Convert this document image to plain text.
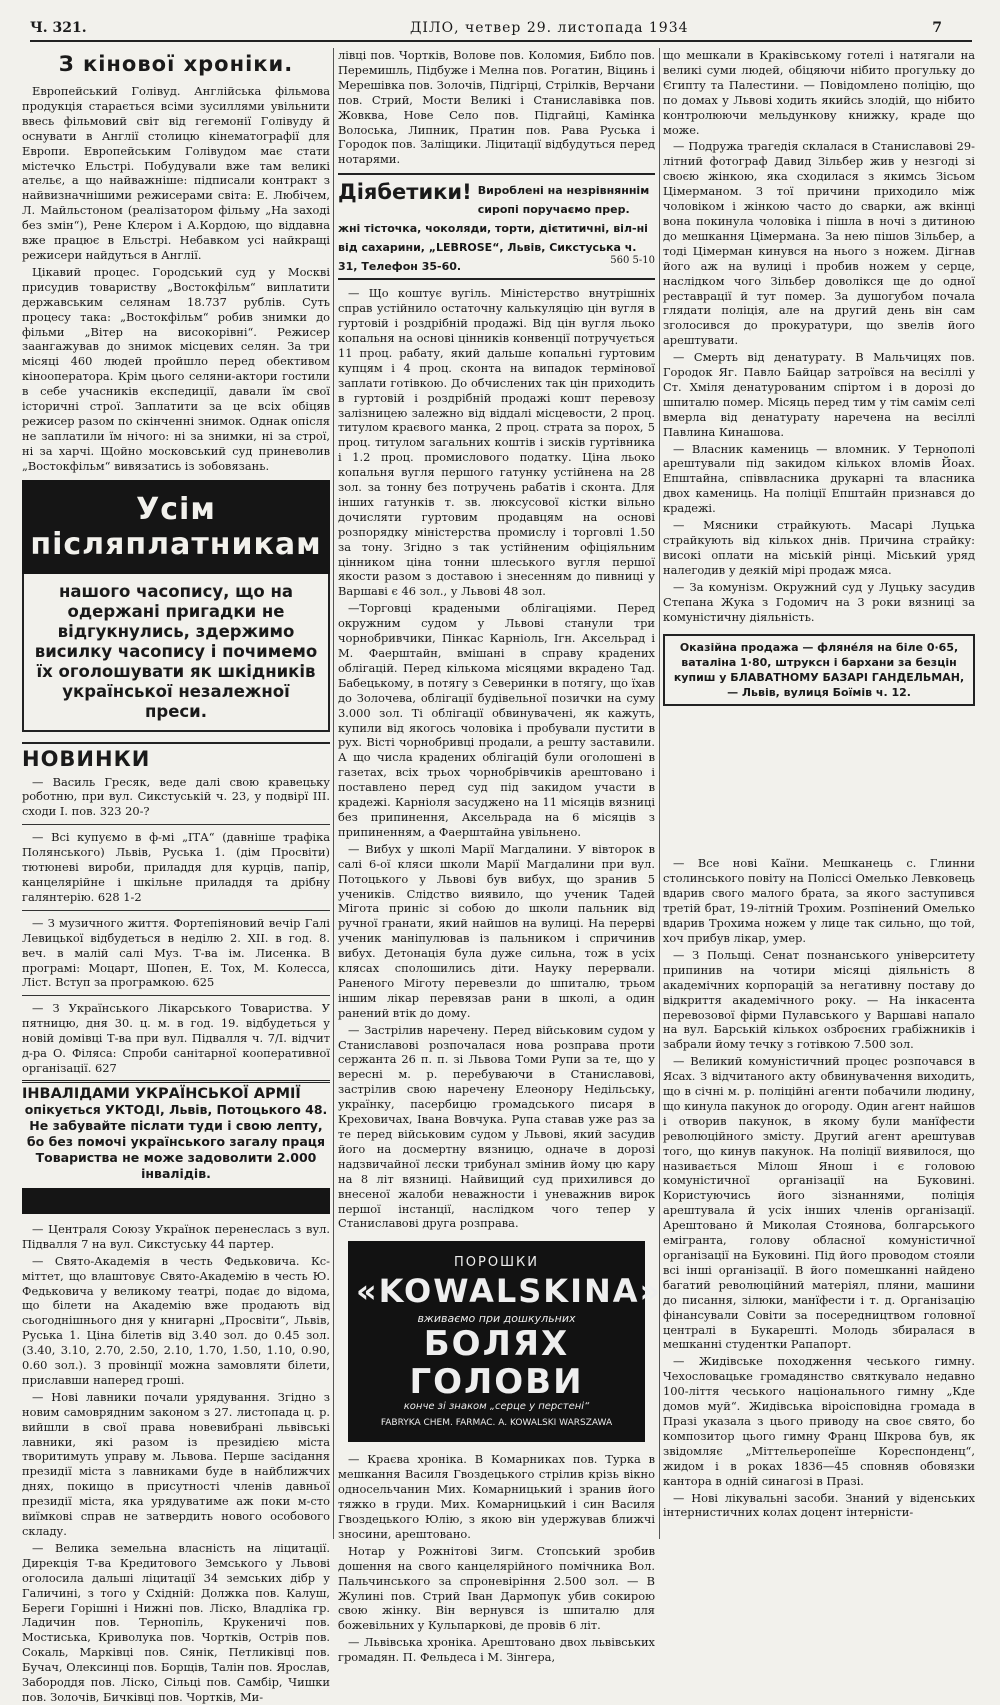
Ч. 321.	ДІЛО, четвер 29. листопада 1934	7
З кінової хроніки.

Европейський Голівуд. Англійська фільмова продукція старається всіми зусиллями увільнити ввесь фільмовий світ від гегемонії Голівуду й оснувати в Англії столицю кінематографії для Европи. Европейським Голівудом має стати містечко Ельстрі. Побудували вже там великі ательє, а що найважніше: підписали контракт з найвизначнішими режисерами світа: Е. Любічем, Л. Майльстоном (реалізатором фільму „На заході без змін“), Рене Клєром і А.Кордою, що віддавна вже працює в Ельстрі. Небавком усі найкращі режисери найдуться в Англії.

Цікавий процес. Городський суд у Москві присудив товариству „Востокфільм“ виплатити державським селянам 18.737 рублів. Суть процесу така: „Востокфільм“ робив знимки до фільми „Вітер на високорівні“. Режисер заангажував до знимок місцевих селян. За три місяці 460 людей пройшло перед обективом кінооператора. Крім цього селяни-актори гостили в себе учасників експедиції, давали їм свої історичні строї. Заплатити за це всіх обіцяв режисер разом по скінченні знимок. Однак опісля не заплатили їм нічого: ні за знимки, ні за строї, ні за харчі. Щойно московський суд приневолив „Востокфільм“ вивязатись із зобовязань.

Усім післяплатникам
нашого часопису, що на одержані пригадки не відгукнулись, здержимо висилку часопису і почимемо їх оголошувати як шкідників української незалежної преси.
НОВИНКИ

— Василь Гресяк, веде далі свою кравецьку роботню, при вул. Сикстуській ч. 23, у подвірї ІІІ. сходи І. пов. 323 20-?

— Всі купуємо в ф-мі „ІТА“ (давніше трафіка Полянського) Львів, Руська 1. (дім Просвіти) тютюневі вироби, приладдя для курців, папір, канцелярійне і шкільне приладдя та дрібну галянтерію. 628 1-2

— З музичного життя. Фортепіяновий вечір Галі Левицької відбудеться в неділю 2. ХІІ. в год. 8. веч. в малій салі Муз. Т-ва ім. Лисенка. В програмі: Моцарт, Шопен, Е. Тох, М. Колесса, Ліст. Вступ за програмкою. 625

— З Українського Лікарського Товариства. У пятницю, дня 30. ц. м. в год. 19. відбудеться у новій домівці Т-ва при вул. Підвалля ч. 7/І. відчит д-ра О. Філяса: Спроби санітарної кооперативної організації. 627

ІНВАЛІДАМИ УКРАЇНСЬКОЇ АРМІЇ
опікується УКТОДІ, Львів, Потоцького 48. Не забувайте післати туди і свою лепту, бо без помочі українського загалу праця Товариства не може задоволити 2.000 інвалідів.

— Централя Союзу Українок перенеслась з вул. Підвалля 7 на вул. Сикстуську 44 партер.

— Свято-Академія в честь Федьковича. Кс-міттет, що влаштовує Свято-Академію в честь Ю. Федьковича у великому театрі, подає до відома, що білети на Академію вже продають від сьогоднішнього дня у книгарні „Просвіти“, Львів, Руська 1. Ціна білетів від 3.40 зол. до 0.45 зол. (3.40, 3.10, 2.70, 2.50, 2.10, 1.70, 1.50, 1.10, 0.90, 0.60 зол.). З провінції можна замовляти білети, приславши наперед гроші.

— Нові лавники почали урядування. Згідно з новим самоврядним законом з 27. листопада ц. р. вийшли в свої права новевибрані львівські лавники, які разом із президією міста творитимуть управу м. Львова. Перше засідання президії міста з лавниками буде в найближчих днях, покищо в присутності членів давньої президії міста, яка урядуватиме аж поки м-сто виїмкові справ не затвердить нового особового складу.

— Велика земельна власність на ліцитації. Дирекція Т-ва Кредитового Земського у Львові оголосила дальші ліцитації 34 земських дібр у Галичині, з того у Східній: Должка пов. Калуш, Береги Горішні і Нижні пов. Ліско, Владліка гр. Ладичин пов. Тернопіль, Крукеничі пов. Мостиська, Криволука пов. Чортків, Острів пов. Сокаль, Марківці пов. Сянік, Петликівці пов. Бучач, Олексинці пов. Борщів, Талін пов. Ярослав, Забороддя пов. Ліско, Сільці пов. Самбір, Чишки пов. Золочів, Бичківці пов. Чортків, Ми-

лівці пов. Чортків, Волове пов. Коломия, Библо пов. Перемишль, Підбуже і Мелна пов. Рогатин, Віцинь і Мерешівка пов. Золочів, Підгірці, Стрілків, Верчани пов. Стрий, Мости Великі і Станиславівка пов. Жовква, Нове Село пов. Підгайці, Камінка Волоська, Липник, Пратин пов. Рава Руська і Городок пов. Заліщики. Ліцитації відбудуться перед нотарями.

Діябетики! Вироблені на незрівняннім сиропі поручаємо прер. жні тісточка, чоколяди, торти, дієтитичні, віл-ні від сахарини, „LEBROSE“, Львів, Сикстуська ч. 31, Телефон 35-60.	560 5-10

— Що коштує вугіль. Міністерство внутрішніх справ устійнило остаточну калькуляцію цін вугля в гуртовій і роздрібній продажі. Від цін вугля льоко копальня на основі цінників конвенції потручується 11 проц. рабату, який дальше копальні гуртовим купцям і 4 проц. сконта на випадок термінової заплати готівкою. До обчислених так цін приходить в гуртовій і роздрібній продажі кошт перевозу залізницею залежно від віддалі місцевости, 2 проц. титулом краєвого манка, 2 проц. страта за порох, 5 проц. титулом загальних коштів і зисків гуртівника і 1.2 проц. промислового податку. Ціна льоко копальня вугля першого гатунку устійнена на 28 зол. за тонну без потручень рабатів і сконта. Для інших гатунків т. зв. люксусової кістки вільно дочисляти гуртовим продавцям на основі розпорядку міністерства промислу і торговлі 1.50 за тону. Згідно з так устійненим офіціяльним цінником ціна тонни шлеського вугля першої якости разом з доставою і знесенням до пивниці у Варшаві є 46 зол., у Львові 48 зол.

—Торговці крадеными облігаціями. Перед окружним судом у Львові станули три чорнобривчики, Пінкас Карніоль, Ігн. Аксельрад і М. Фаерштайн, вмішані в справу крадених облігацій. Перед кількома місяцями вкрадено Тад. Бабецькому, в потягу з Северинки в потягу, що їхав до Золочева, облігації будівельної позички на суму 3.000 зол. Ті облігації обвинувачені, як кажуть, купили від якогось чоловіка і пробували пустити в рух. Вісті чорнобривці продали, а решту заставили. А що числа крадених облігацій були оголошені в газетах, всіх трьох чорнобрівчиків арештовано і поставлено перед суд під закидом участи в крадежі. Карніоля засуджено на 11 місяців вязниці без припинення, Аксельрада на 6 місяців з припиненням, а Фаерштайна увільнено.

— Вибух у школі Марії Магдалини. У вівторок в салі 6-ої кляси школи Марії Магдалини при вул. Потоцького у Львові був вибух, що зранив 5 учеників. Слідство виявило, що ученик Тадей Мігота приніс зі собою до школи пальник від ручної гранати, який найшов на вулиці. На перерві ученик маніпулював із пальником і спричинив вибух. Детонація була дуже сильна, тож в усіх клясах сполошились діти. Науку перервали. Раненого Міготу перевезли до шпиталю, трьом іншим лікар перевязав рани в школі, а один ранений втік до дому.

— Застрілив наречену. Перед військовим судом у Станиславові розпочалася нова розправа проти сержанта 26 п. п. зі Львова Томи Рупи за те, що у вересні м. р. перебуваючи в Станиславові, застрілив свою наречену Елеонору Недільську, українку, пасербицю громадського писаря в Креховичах, Івана Вовчука. Рупа ставав уже раз за те перед військовим судом у Львові, який засудив його на досмертну вязницю, одначе в дорозі надзвичайної лєски трибунал змінив йому цю кару на 8 літ вязниці. Найвищий суд прихилився до внесеної жалоби неважности і уневажнив вирок першої інстанції, наслідком чого тепер у Станиславові друга розправа.

ПОРОШКИ
«KOWALSKINA»
вживаємо при дошкульних
БОЛЯХ ГОЛОВИ
конче зі знаком „серце у перстені“
FABRYKA CHEM. FARMAC. A. KOWALSKI WARSZAWA

— Краєва хроніка. В Комарниках пов. Турка в мешкання Василя Гвоздецького стрілив крізь вікно односельчанин Мих. Комарницький і зранив його тяжко в груди. Мих. Комарницький і син Василя Гвоздецького Юлію, з якою він удержував ближчі зносини, арештовано.

Нотар у Рожнітові Зигм. Стопський зробив дошення на свого канцелярійного помічника Вол. Пальчинського за спроневіріння 2.500 зол. — В Жулині пов. Стрий Іван Дармопук убив сокирою свою жінку. Він вернувся із шпиталю для божевільних у Кульпаркові, де провів 6 літ.

— Львівська хроніка. Арештовано двох львівських громадян. П. Фельдеса і М. Зінгера,

що мешкали в Краківському готелі і натягали на великі суми людей, обіцяючи нібито прогульку до Єгипту та Палестини. — Повідомлено поліцію, що по домах у Львові ходить якийсь злодій, що нібито контролюючи мельдункову книжку, краде що може.

— Подружа трагедія склалася в Станиславові 29-літний фотограф Давид Зільбер жив у незгоді зі своєю жінкою, яка сходилася з якимсь Зісьом Цімерманом. З тої причини приходило між чоловіком і жінкою часто до сварки, аж вкінці вона покинула чоловіка і пішла в ночі з дитиною до мешкання Цімермана. За нею пішов Зільбер, а тоді Цімерман кинувся на нього з ножем. Дігнав його аж на вулиці і пробив ножем у серце, наслідком чого Зільбер доволікся ще до одної реставрації й тут помер. За душогубом почала глядати поліція, але на другий день він сам зголосився до прокуратури, що звелів його арештувати.

— Смерть від денатурату. В Мальчицях пов. Городок Яг. Павло Байцар затроївся на весіллі у Ст. Хміля денатурованим спіртом і в дорозі до шпиталю помер. Місяць перед тим у тім самім селі вмерла від денатурату наречена на весіллі Павлина Кинашова.

— Власник камениць — вломник. У Тернополі арештували під закидом кількох вломів Йоах. Епштайна, співвласника друкарні та власника двох камениць. На поліції Епштайн признався до крадежі.

— Мясники страйкують. Масарі Луцька страйкують від кількох днів. Причина страйку: високі оплати на міській рінці. Міський уряд налегодив у деякій мірі продаж мяса.

— За комунізм. Окружний суд у Луцьку засудив Степана Жука з Годомич на 3 роки вязниці за комуністичну діяльність.

Оказійна продажа — фляне́ля на біле 0·65, ваталіна 1·80, штруксн і бархани за безцін купиш у БЛАВАТНОМУ БАЗАРІ ГАНДЕЛЬМАН, — Львів, вулиця Боїмів ч. 12.

— Все нові Каїни. Мешканець с. Глинни столинського повіту на Поліссі Омелько Левковець вдарив свого малого брата, за якого заступився третій брат, 19-літній Трохим. Розпінений Омелько вдарив Трохима ножем у лице так сильно, що той, хоч прибув лікар, умер.

— З Польщі. Сенат познанського університету припинив на чотири місяці діяльність 8 академічних корпорацій за негативну поставу до відкриття академічного року. — На інкасента перевозової фірми Пулавського у Варшаві напало на вул. Барській кількох озброєних грабіжників і забрали йому течку з готівкою 7.500 зол.

— Великий комуністичний процес розпочався в Ясах. З відчитаного акту обвинувачення виходить, що в січні м. р. поліційні агенти побачили людину, що кинула пакунок до огороду. Один агент найшов і отворив пакунок, в якому були манїфести революційного змісту. Другий агент арештував того, що кинув пакунок. На поліції виявилося, що називається Мілош Янош і є головою комуністичної організації на Буковині. Користуючись його зізнаннями, поліція арештувала й усіх інших членів організації. Арештовано й Миколая Стоянова, болгарського емігранта, голову обласної комуністичної організації на Буковині. Під його проводом стояли всі інші організації. В його помешканні найдено багатий революційний матеріял, пляни, машини до писання, зілюки, манїфести і т. д. Організацію фінансували Совіти за посередництвом головної централі в Букарешті. Молодь збиралася в мешканні студентки Рапапорт.

— Жидівське походження чеського гимну. Чехословацьке громадянство святкувало недавно 100-ліття чеського національного гимну „Кде домов муй“. Жидівська віроісповідна громада в Празі указала з цього приводу на своє свято, бо композитор цього гимну Франц Шкрова був, як звідомляє „Міттельеропеїше Кореспонденц“, жидом і в роках 1836—45 сповняв обовязки кантора в одній синагозі в Празі.

— Нові лікувальні засоби. Знаний у віденських інтернистичних колах доцент інтерністи-
